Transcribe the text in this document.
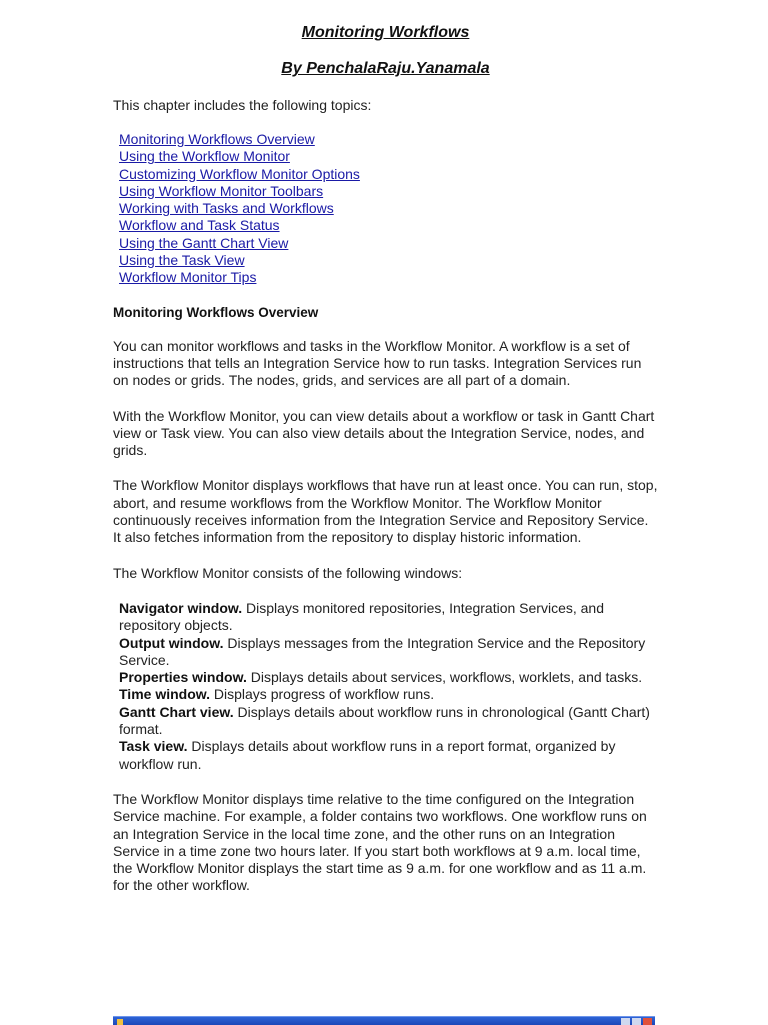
Monitoring Workflows

By PenchalaRaju.Yanamala

This chapter includes the following topics:

Monitoring Workflows Overview
Using the Workflow Monitor
Customizing Workflow Monitor Options
Using Workflow Monitor Toolbars
Working with Tasks and Workflows
Workflow and Task Status
Using the Gantt Chart View
Using the Task View
Workflow Monitor Tips

Monitoring Workflows Overview

You can monitor workflows and tasks in the Workflow Monitor. A workflow is a set of instructions that tells an Integration Service how to run tasks. Integration Services run on nodes or grids. The nodes, grids, and services are all part of a domain.

With the Workflow Monitor, you can view details about a workflow or task in Gantt Chart view or Task view. You can also view details about the Integration Service, nodes, and grids.

The Workflow Monitor displays workflows that have run at least once. You can run, stop, abort, and resume workflows from the Workflow Monitor. The Workflow Monitor continuously receives information from the Integration Service and Repository Service. It also fetches information from the repository to display historic information.

The Workflow Monitor consists of the following windows:

Navigator window. Displays monitored repositories, Integration Services, and repository objects.
Output window. Displays messages from the Integration Service and the Repository Service.
Properties window. Displays details about services, workflows, worklets, and tasks.
Time window. Displays progress of workflow runs.
Gantt Chart view. Displays details about workflow runs in chronological (Gantt Chart) format.
Task view. Displays details about workflow runs in a report format, organized by workflow run.

The Workflow Monitor displays time relative to the time configured on the Integration Service machine. For example, a folder contains two workflows. One workflow runs on an Integration Service in the local time zone, and the other runs on an Integration Service in a time zone two hours later. If you start both workflows at 9 a.m. local time, the Workflow Monitor displays the start time as 9 a.m. for one workflow and as 11 a.m. for the other workflow.
